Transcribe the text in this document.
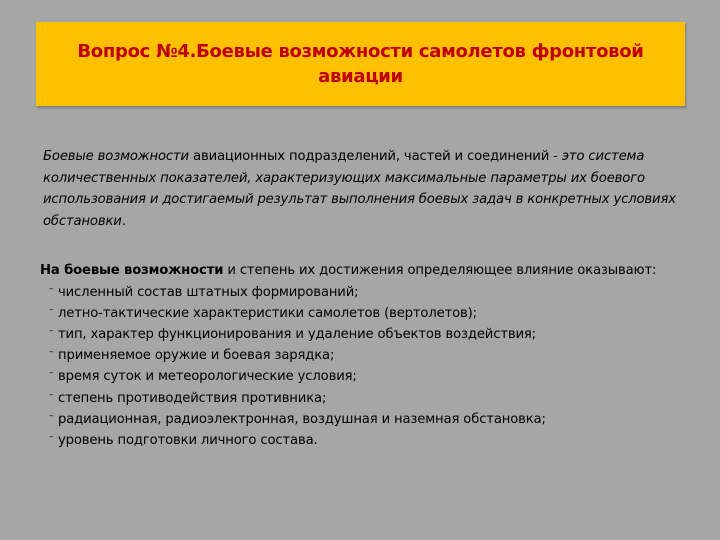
Вопрос №4.Боевые возможности самолетов фронтовой авиации
Боевые возможности авиационных подразделений, частей и соединений - это система количественных показателей, характеризующих максимальные параметры их боевого использования и достигаемый результат выполнения боевых задач в конкретных условиях обстановки.
На боевые возможности и степень их достижения определяющее влияние оказывают:
– численный состав штатных формирований;
– летно-тактические характеристики самолетов (вертолетов);
– тип, характер функционирования и удаление объектов воздействия;
– применяемое оружие и боевая зарядка;
– время суток и метеорологические условия;
– степень противодействия противника;
– радиационная, радиоэлектронная, воздушная и наземная обстановка;
– уровень подготовки личного состава.
